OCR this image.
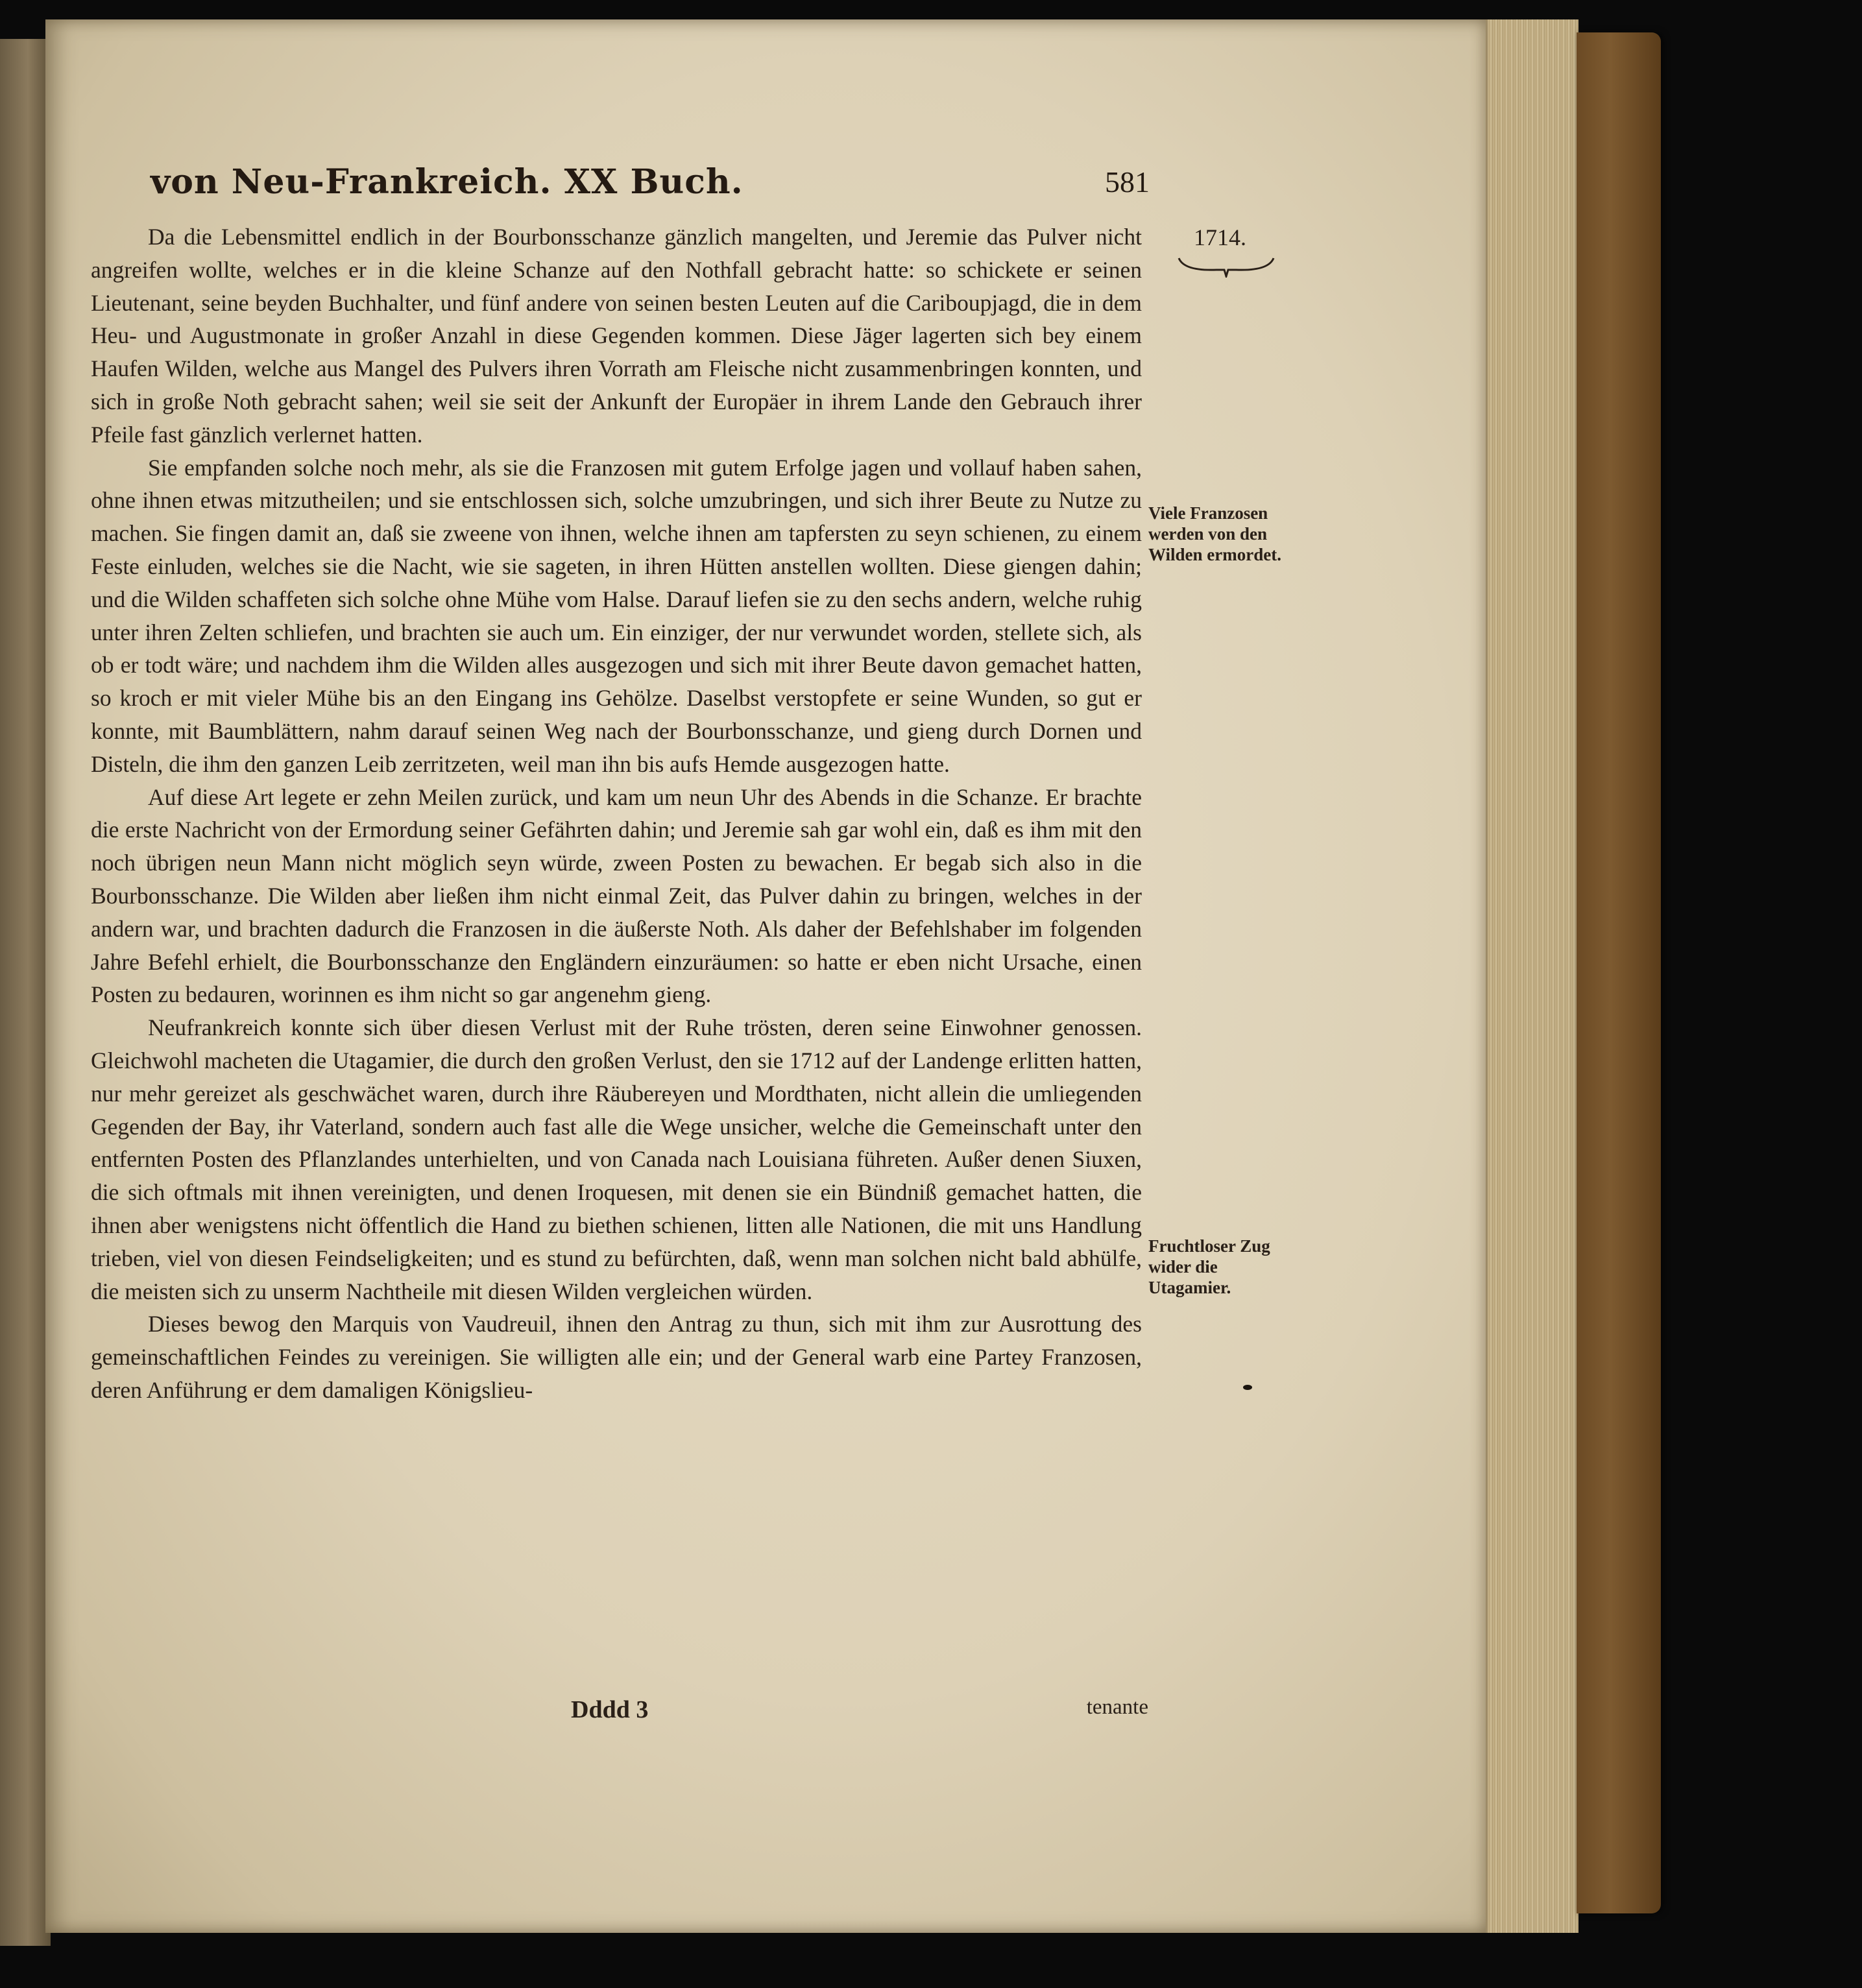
von Neu-Frankreich. XX Buch.	581
1714.
Viele Franzosen werden von den Wilden ermordet.
Fruchtloser Zug wider die Utagamier.

Da die Lebensmittel endlich in der Bourbonsschanze gänzlich mangelten, und Jeremie das Pulver nicht angreifen wollte, welches er in die kleine Schanze auf den Nothfall gebracht hatte: so schickete er seinen Lieutenant, seine beyden Buchhalter, und fünf andere von seinen besten Leuten auf die Cariboupjagd, die in dem Heu- und Augustmonate in großer Anzahl in diese Gegenden kommen. Diese Jäger lagerten sich bey einem Haufen Wilden, welche aus Mangel des Pulvers ihren Vorrath am Fleische nicht zusammenbringen konnten, und sich in große Noth gebracht sahen; weil sie seit der Ankunft der Europäer in ihrem Lande den Gebrauch ihrer Pfeile fast gänzlich verlernet hatten.

Sie empfanden solche noch mehr, als sie die Franzosen mit gutem Erfolge jagen und vollauf haben sahen, ohne ihnen etwas mitzutheilen; und sie entschlossen sich, solche umzubringen, und sich ihrer Beute zu Nutze zu machen. Sie fingen damit an, daß sie zweene von ihnen, welche ihnen am tapfersten zu seyn schienen, zu einem Feste einluden, welches sie die Nacht, wie sie sageten, in ihren Hütten anstellen wollten. Diese giengen dahin; und die Wilden schaffeten sich solche ohne Mühe vom Halse. Darauf liefen sie zu den sechs andern, welche ruhig unter ihren Zelten schliefen, und brachten sie auch um. Ein einziger, der nur verwundet worden, stellete sich, als ob er todt wäre; und nachdem ihm die Wilden alles ausgezogen und sich mit ihrer Beute davon gemachet hatten, so kroch er mit vieler Mühe bis an den Eingang ins Gehölze. Daselbst verstopfete er seine Wunden, so gut er konnte, mit Baumblättern, nahm darauf seinen Weg nach der Bourbonsschanze, und gieng durch Dornen und Disteln, die ihm den ganzen Leib zerritzeten, weil man ihn bis aufs Hemde ausgezogen hatte.

Auf diese Art legete er zehn Meilen zurück, und kam um neun Uhr des Abends in die Schanze. Er brachte die erste Nachricht von der Ermordung seiner Gefährten dahin; und Jeremie sah gar wohl ein, daß es ihm mit den noch übrigen neun Mann nicht möglich seyn würde, zween Posten zu bewachen. Er begab sich also in die Bourbonsschanze. Die Wilden aber ließen ihm nicht einmal Zeit, das Pulver dahin zu bringen, welches in der andern war, und brachten dadurch die Franzosen in die äußerste Noth. Als daher der Befehlshaber im folgenden Jahre Befehl erhielt, die Bourbonsschanze den Engländern einzuräumen: so hatte er eben nicht Ursache, einen Posten zu bedauren, worinnen es ihm nicht so gar angenehm gieng.

Neufrankreich konnte sich über diesen Verlust mit der Ruhe trösten, deren seine Einwohner genossen. Gleichwohl macheten die Utagamier, die durch den großen Verlust, den sie 1712 auf der Landenge erlitten hatten, nur mehr gereizet als geschwächet waren, durch ihre Räubereyen und Mordthaten, nicht allein die umliegenden Gegenden der Bay, ihr Vaterland, sondern auch fast alle die Wege unsicher, welche die Gemeinschaft unter den entfernten Posten des Pflanzlandes unterhielten, und von Canada nach Louisiana führeten. Außer denen Siuxen, die sich oftmals mit ihnen vereinigten, und denen Iroquesen, mit denen sie ein Bündniß gemachet hatten, die ihnen aber wenigstens nicht öffentlich die Hand zu biethen schienen, litten alle Nationen, die mit uns Handlung trieben, viel von diesen Feindseligkeiten; und es stund zu befürchten, daß, wenn man solchen nicht bald abhülfe, die meisten sich zu unserm Nachtheile mit diesen Wilden vergleichen würden.

Dieses bewog den Marquis von Vaudreuil, ihnen den Antrag zu thun, sich mit ihm zur Ausrottung des gemeinschaftlichen Feindes zu vereinigen. Sie willigten alle ein; und der General warb eine Partey Franzosen, deren Anführung er dem damaligen Königslieu-

Dddd 3	tenante
